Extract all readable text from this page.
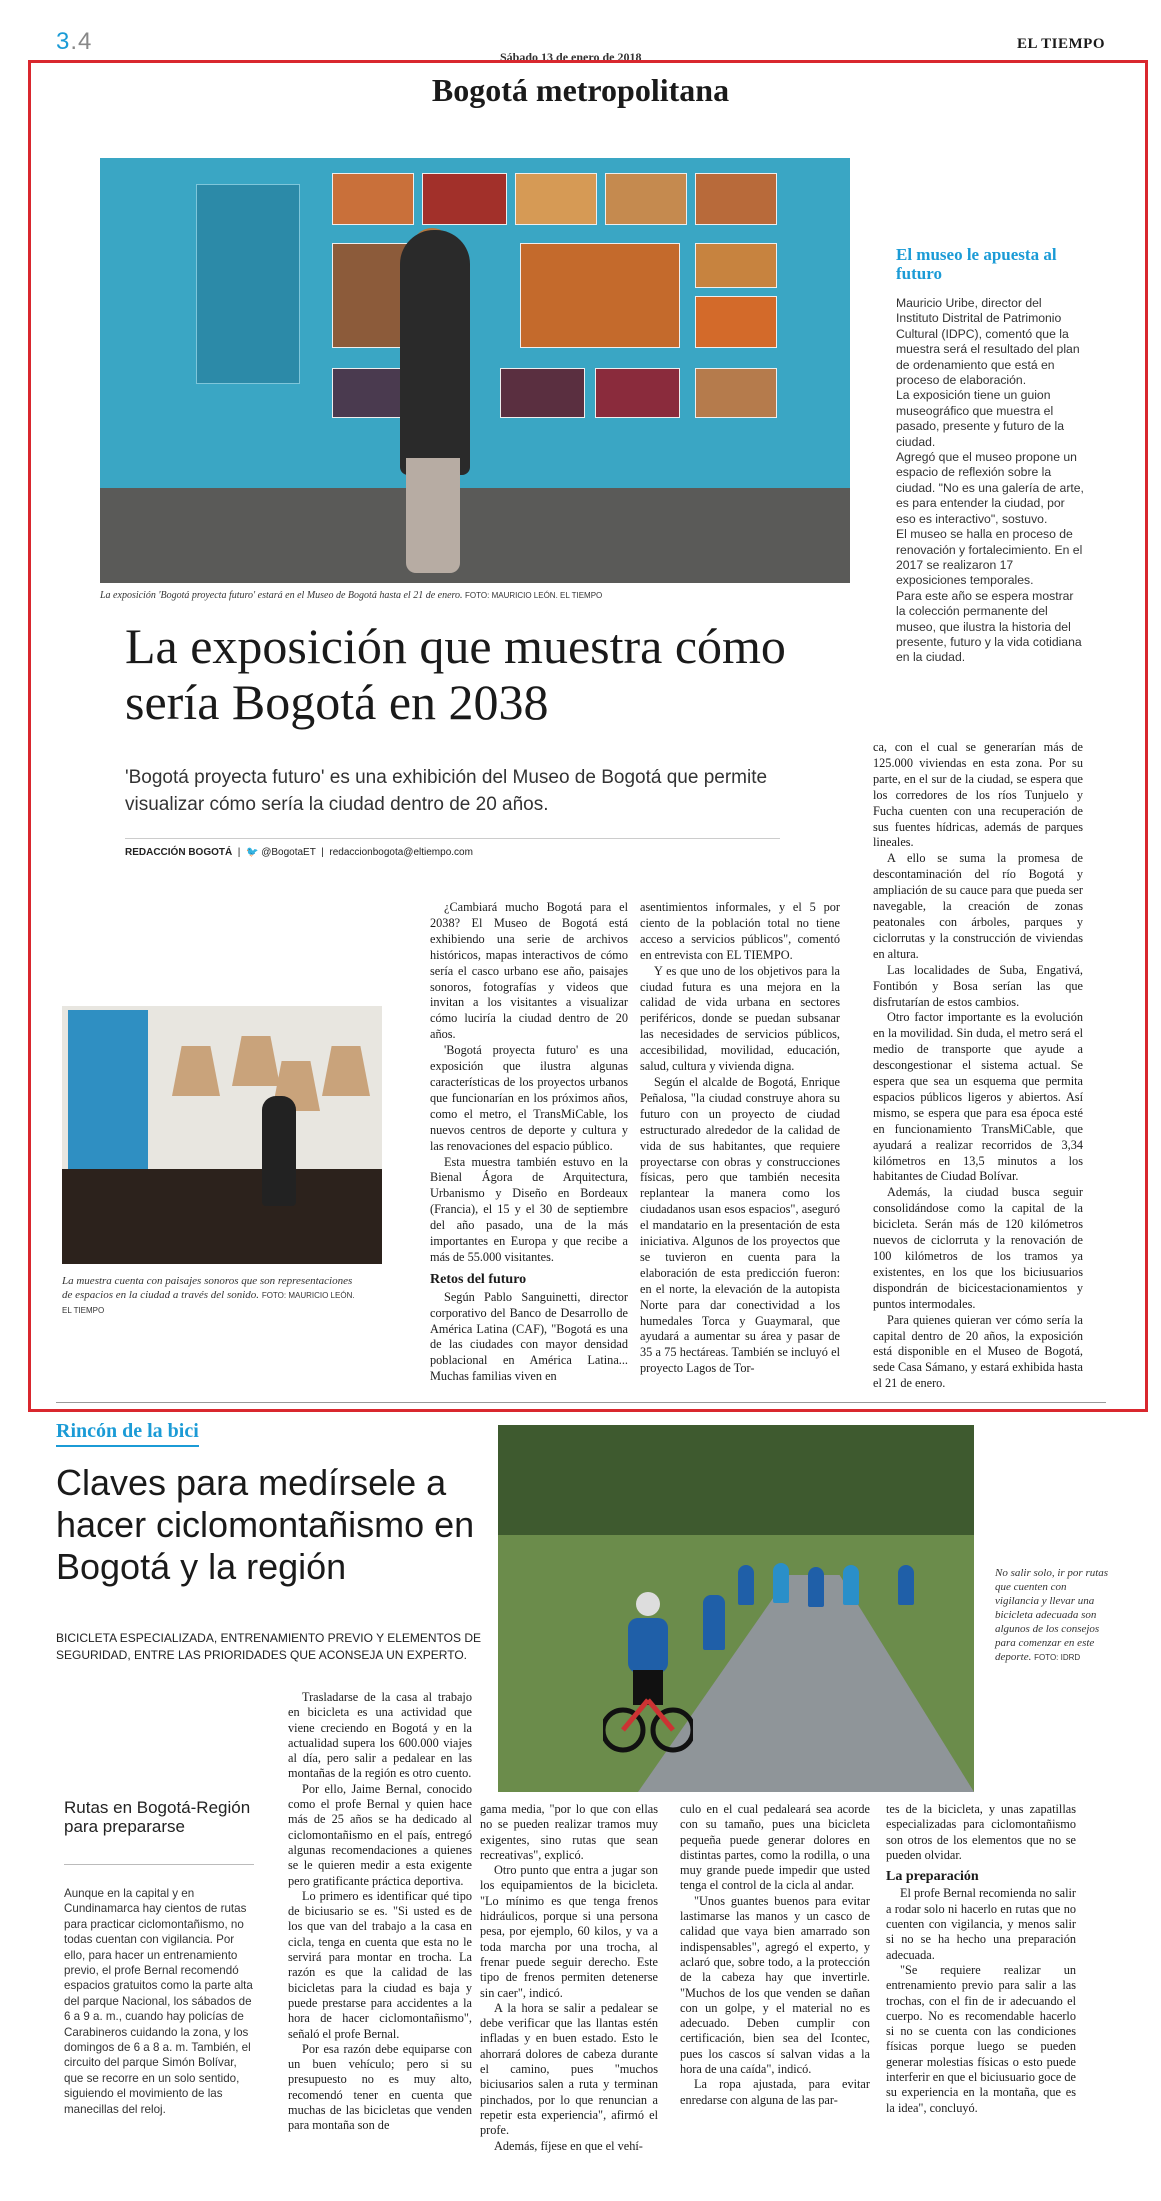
3.4
Sábado 13 de enero de 2018
EL TIEMPO
Bogotá metropolitana
La exposición 'Bogotá proyecta futuro' estará en el Museo de Bogotá hasta el 21 de enero. FOTO: MAURICIO LEÓN. EL TIEMPO
La exposición que muestra cómo sería Bogotá en 2038
'Bogotá proyecta futuro' es una exhibición del Museo de Bogotá que permite visualizar cómo sería la ciudad dentro de 20 años.
REDACCIÓN BOGOTÁ  |  🐦 @BogotaET  |  redaccionbogota@eltiempo.com
La muestra cuenta con paisajes sonoros que son representaciones de espacios en la ciudad a través del sonido. FOTO: MAURICIO LEÓN. EL TIEMPO

¿Cambiará mucho Bogotá para el 2038? El Museo de Bogotá está exhibiendo una serie de archivos históricos, mapas interactivos de cómo sería el casco urbano ese año, paisajes sonoros, fotografías y videos que invitan a los visitantes a visualizar cómo luciría la ciudad dentro de 20 años.

'Bogotá proyecta futuro' es una exposición que ilustra algunas características de los proyectos urbanos que funcionarían en los próximos años, como el metro, el TransMiCable, los nuevos centros de deporte y cultura y las renovaciones del espacio público.

Esta muestra también estuvo en la Bienal Ágora de Arquitectura, Urbanismo y Diseño en Bordeaux (Francia), el 15 y el 30 de septiembre del año pasado, una de la más importantes en Europa y que recibe a más de 55.000 visitantes.

Retos del futuro

Según Pablo Sanguinetti, director corporativo del Banco de Desarrollo de América Latina (CAF), "Bogotá es una de las ciudades con mayor densidad poblacional en América Latina... Muchas familias viven en

asentimientos informales, y el 5 por ciento de la población total no tiene acceso a servicios públicos", comentó en entrevista con EL TIEMPO.

Y es que uno de los objetivos para la ciudad futura es una mejora en la calidad de vida urbana en sectores periféricos, donde se puedan subsanar las necesidades de servicios públicos, accesibilidad, movilidad, educación, salud, cultura y vivienda digna.

Según el alcalde de Bogotá, Enrique Peñalosa, "la ciudad construye ahora su futuro con un proyecto de ciudad estructurado alrededor de la calidad de vida de sus habitantes, que requiere proyectarse con obras y construcciones físicas, pero que también necesita replantear la manera como los ciudadanos usan esos espacios", aseguró el mandatario en la presentación de esta iniciativa. Algunos de los proyectos que se tuvieron en cuenta para la elaboración de esta predicción fueron: en el norte, la elevación de la autopista Norte para dar conectividad a los humedales Torca y Guaymaral, que ayudará a aumentar su área y pasar de 35 a 75 hectáreas. También se incluyó el proyecto Lagos de Tor-

ca, con el cual se generarían más de 125.000 viviendas en esta zona. Por su parte, en el sur de la ciudad, se espera que los corredores de los ríos Tunjuelo y Fucha cuenten con una recuperación de sus fuentes hídricas, además de parques lineales.

A ello se suma la promesa de descontaminación del río Bogotá y ampliación de su cauce para que pueda ser navegable, la creación de zonas peatonales con árboles, parques y ciclorrutas y la construcción de viviendas en altura.

Las localidades de Suba, Engativá, Fontibón y Bosa serían las que disfrutarían de estos cambios.

Otro factor importante es la evolución en la movilidad. Sin duda, el metro será el medio de transporte que ayude a descongestionar el sistema actual. Se espera que sea un esquema que permita espacios públicos ligeros y abiertos. Así mismo, se espera que para esa época esté en funcionamiento TransMiCable, que ayudará a realizar recorridos de 3,34 kilómetros en 13,5 minutos a los habitantes de Ciudad Bolívar.

Además, la ciudad busca seguir consolidándose como la capital de la bicicleta. Serán más de 120 kilómetros nuevos de ciclorruta y la renovación de 100 kilómetros de los tramos ya existentes, en los que los biciusuarios dispondrán de bicicestacionamientos y puntos intermodales.

Para quienes quieran ver cómo sería la capital dentro de 20 años, la exposición está disponible en el Museo de Bogotá, sede Casa Sámano, y estará exhibida hasta el 21 de enero.

El museo le apuesta al futuro

Mauricio Uribe, director del Instituto Distrital de Patrimonio Cultural (IDPC), comentó que la muestra será el resultado del plan de ordenamiento que está en proceso de elaboración.

La exposición tiene un guion museográfico que muestra el pasado, presente y futuro de la ciudad.

Agregó que el museo propone un espacio de reflexión sobre la ciudad. "No es una galería de arte, es para entender la ciudad, por eso es interactivo", sostuvo.

El museo se halla en proceso de renovación y fortalecimiento. En el 2017 se realizaron 17 exposiciones temporales.

Para este año se espera mostrar la colección permanente del museo, que ilustra la historia del presente, futuro y la vida cotidiana en la ciudad.

Rincón de la bici
Claves para medírsele a hacer ciclomontañismo en Bogotá y la región
BICICLETA ESPECIALIZADA, ENTRENAMIENTO PREVIO Y ELEMENTOS DE SEGURIDAD, ENTRE LAS PRIORIDADES QUE ACONSEJA UN EXPERTO.
No salir solo, ir por rutas que cuenten con vigilancia y llevar una bicicleta adecuada son algunos de los consejos para comenzar en este deporte. FOTO: IDRD
Rutas en Bogotá-Región para prepararse
Aunque en la capital y en Cundinamarca hay cientos de rutas para practicar ciclomontañismo, no todas cuentan con vigilancia. Por ello, para hacer un entrenamiento previo, el profe Bernal recomendó espacios gratuitos como la parte alta del parque Nacional, los sábados de 6 a 9 a. m., cuando hay policías de Carabineros cuidando la zona, y los domingos de 6 a 8 a. m. También, el circuito del parque Simón Bolívar, que se recorre en un solo sentido, siguiendo el movimiento de las manecillas del reloj.

Trasladarse de la casa al trabajo en bicicleta es una actividad que viene creciendo en Bogotá y en la actualidad supera los 600.000 viajes al día, pero salir a pedalear en las montañas de la región es otro cuento.

Por ello, Jaime Bernal, conocido como el profe Bernal y quien hace más de 25 años se ha dedicado al ciclomontañismo en el país, entregó algunas recomendaciones a quienes se le quieren medir a esta exigente pero gratificante práctica deportiva.

Lo primero es identificar qué tipo de biciusario se es. "Si usted es de los que van del trabajo a la casa en cicla, tenga en cuenta que esta no le servirá para montar en trocha. La razón es que la calidad de las bicicletas para la ciudad es baja y puede prestarse para accidentes a la hora de hacer ciclomontañismo", señaló el profe Bernal.

Por esa razón debe equiparse con un buen vehículo; pero si su presupuesto no es muy alto, recomendó tener en cuenta que muchas de las bicicletas que venden para montaña son de

gama media, "por lo que con ellas no se pueden realizar tramos muy exigentes, sino rutas que sean recreativas", explicó.

Otro punto que entra a jugar son los equipamientos de la bicicleta. "Lo mínimo es que tenga frenos hidráulicos, porque si una persona pesa, por ejemplo, 60 kilos, y va a toda marcha por una trocha, al frenar puede seguir derecho. Este tipo de frenos permiten detenerse sin caer", indicó.

A la hora se salir a pedalear se debe verificar que las llantas estén infladas y en buen estado. Esto le ahorrará dolores de cabeza durante el camino, pues "muchos biciusarios salen a ruta y terminan pinchados, por lo que renuncian a repetir esta experiencia", afirmó el profe.

Además, fíjese en que el vehí-

culo en el cual pedaleará sea acorde con su tamaño, pues una bicicleta pequeña puede generar dolores en distintas partes, como la rodilla, o una muy grande puede impedir que usted tenga el control de la cicla al andar.

"Unos guantes buenos para evitar lastimarse las manos y un casco de calidad que vaya bien amarrado son indispensables", agregó el experto, y aclaró que, sobre todo, a la protección de la cabeza hay que invertirle. "Muchos de los que venden se dañan con un golpe, y el material no es adecuado. Deben cumplir con certificación, bien sea del Icontec, pues los cascos sí salvan vidas a la hora de una caída", indicó.

La ropa ajustada, para evitar enredarse con alguna de las par-

tes de la bicicleta, y unas zapatillas especializadas para ciclomontañismo son otros de los elementos que no se pueden olvidar.

La preparación

El profe Bernal recomienda no salir a rodar solo ni hacerlo en rutas que no cuenten con vigilancia, y menos salir si no se ha hecho una preparación adecuada.

"Se requiere realizar un entrenamiento previo para salir a las trochas, con el fin de ir adecuando el cuerpo. No es recomendable hacerlo si no se cuenta con las condiciones físicas porque luego se pueden generar molestias físicas o esto puede interferir en que el biciusuario goce de su experiencia en la montaña, que es la idea", concluyó.
